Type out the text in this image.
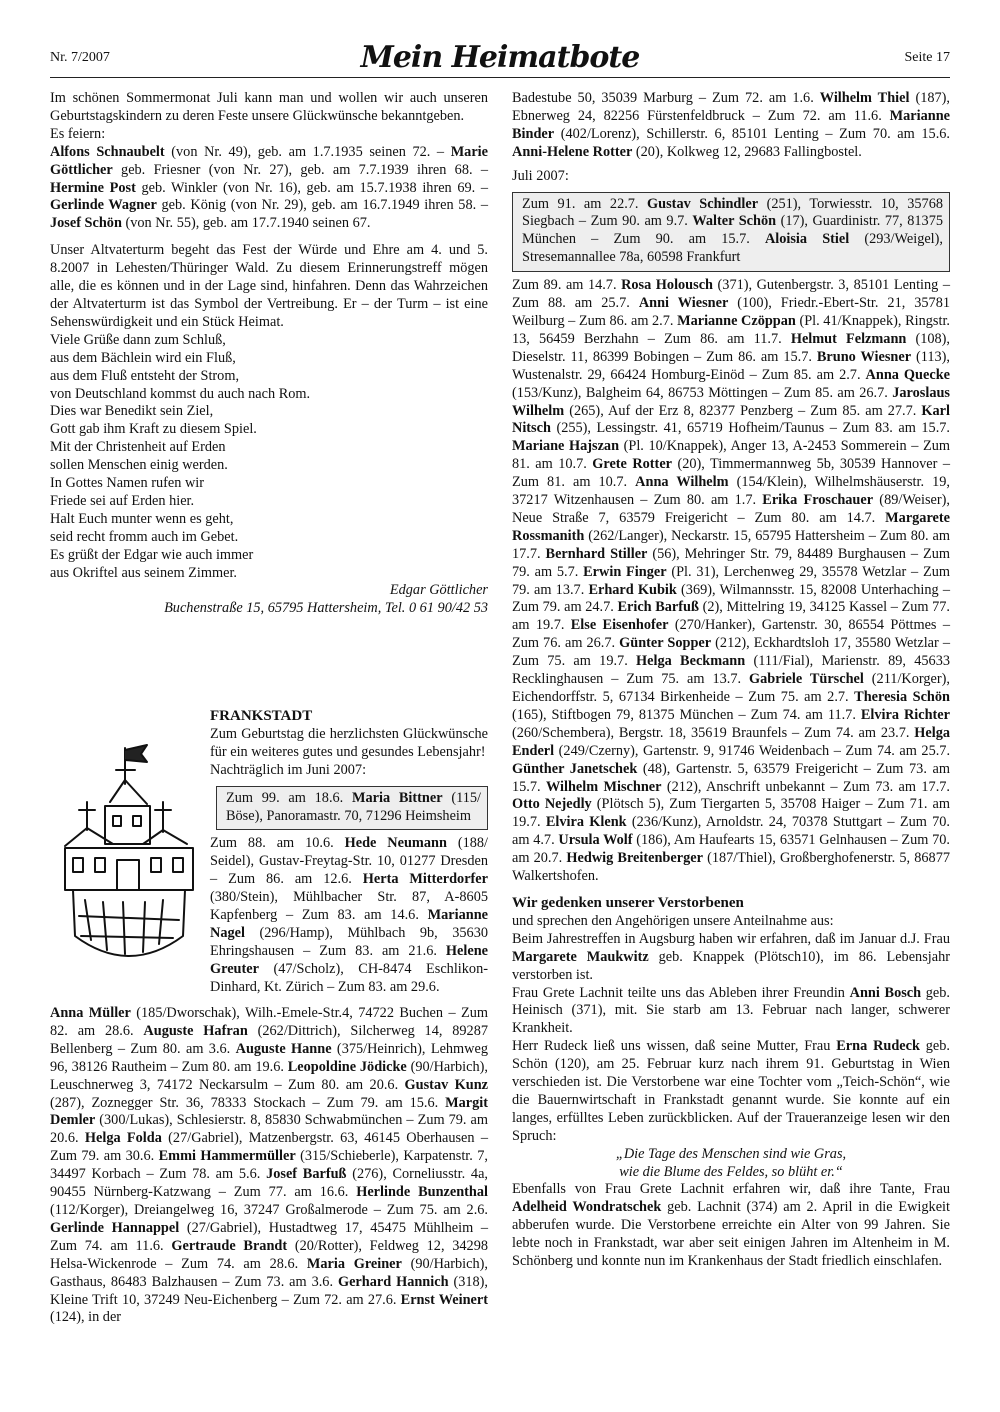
Nr. 7/2007	Mein Heimatbote	Seite 17

Im schönen Sommermonat Juli kann man und wollen wir auch unseren Geburtstagskindern zu deren Feste unsere Glückwünsche bekanntgeben.

Es feiern:

Alfons Schnaubelt (von Nr. 49), geb. am 1.7.1935 seinen 72. – Marie Göttlicher geb. Friesner (von Nr. 27), geb. am 7.7.1939 ihren 68. – Hermine Post geb. Winkler (von Nr. 16), geb. am 15.7.1938 ihren 69. – Gerlinde Wagner geb. König (von Nr. 29), geb. am 16.7.1949 ihren 58. – Josef Schön (von Nr. 55), geb. am 17.7.1940 seinen 67.

Unser Altvaterturm begeht das Fest der Würde und Ehre am 4. und 5. 8.2007 in Lehesten/Thüringer Wald. Zu diesem Erinnerungstreff mögen alle, die es können und in der Lage sind, hinfahren. Denn das Wahrzeichen der Altvaterturm ist das Symbol der Vertreibung. Er – der Turm – ist eine Sehenswürdigkeit und ein Stück Heimat.

Viele Grüße dann zum Schluß,

aus dem Bächlein wird ein Fluß,

aus dem Fluß entsteht der Strom,

von Deutschland kommst du auch nach Rom.

Dies war Benedikt sein Ziel,

Gott gab ihm Kraft zu diesem Spiel.

Mit der Christenheit auf Erden

sollen Menschen einig werden.

In Gottes Namen rufen wir

Friede sei auf Erden hier.

Halt Euch munter wenn es geht,

seid recht fromm auch im Gebet.

Es grüßt der Edgar wie auch immer

aus Okriftel aus seinem Zimmer.

Edgar Göttlicher

Buchenstraße 15, 65795 Hattersheim, Tel. 0 61 90/42 53

FRANKSTADT

Zum Geburtstag die herzlichsten Glückwünsche für ein weiteres gutes und gesundes Lebensjahr!

Nachträglich im Juni 2007:

Zum 99. am 18.6. Maria Bittner (115/ Böse), Panoramastr. 70, 71296 Heimsheim

Zum 88. am 10.6. Hede Neumann (188/ Seidel), Gustav-Freytag-Str. 10, 01277 Dresden – Zum 86. am 12.6. Herta Mitterdorfer (380/Stein), Mühlbacher Str. 87, A-8605 Kapfenberg – Zum 83. am 14.6. Marianne Nagel (296/Hamp), Mühlbach 9b, 35630 Ehringshausen – Zum 83. am 21.6. Helene Greuter (47/Scholz), CH-8474 Eschlikon-Dinhard, Kt. Zürich – Zum 83. am 29.6.

Anna Müller (185/Dworschak), Wilh.-Emele-Str.4, 74722 Buchen – Zum 82. am 28.6. Auguste Hafran (262/Dittrich), Silcherweg 14, 89287 Bellenberg – Zum 80. am 3.6. Auguste Hanne (375/Heinrich), Lehmweg 96, 38126 Rautheim – Zum 80. am 19.6. Leopoldine Jödicke (90/Harbich), Leuschnerweg 3, 74172 Neckarsulm – Zum 80. am 20.6. Gustav Kunz (287), Zoznegger Str. 36, 78333 Stockach – Zum 79. am 15.6. Margit Demler (300/Lukas), Schlesierstr. 8, 85830 Schwabmünchen – Zum 79. am 20.6. Helga Folda (27/Gabriel), Matzenbergstr. 63, 46145 Oberhausen – Zum 79. am 30.6. Emmi Hammermüller (315/Schieberle), Karpatenstr. 7, 34497 Korbach – Zum 78. am 5.6. Josef Barfuß (276), Corneliusstr. 4a, 90455 Nürnberg-Katzwang – Zum 77. am 16.6. Herlinde Bunzenthal (112/Korger), Dreiangelweg 16, 37247 Großalmerode – Zum 75. am 2.6. Gerlinde Hannappel (27/Gabriel), Hustadtweg 17, 45475 Mühlheim – Zum 74. am 11.6. Gertraude Brandt (20/Rotter), Feldweg 12, 34298 Helsa-Wickenrode – Zum 74. am 28.6. Maria Greiner (90/Harbich), Gasthaus, 86483 Balzhausen – Zum 73. am 3.6. Gerhard Hannich (318), Kleine Trift 10, 37249 Neu-Eichenberg – Zum 72. am 27.6. Ernst Weinert (124), in der

Badestube 50, 35039 Marburg – Zum 72. am 1.6. Wilhelm Thiel (187), Ebnerweg 24, 82256 Fürstenfeldbruck – Zum 72. am 11.6. Marianne Binder (402/Lorenz), Schillerstr. 6, 85101 Lenting – Zum 70. am 15.6. Anni-Helene Rotter (20), Kolkweg 12, 29683 Fallingbostel.

Juli 2007:

Zum 91. am 22.7. Gustav Schindler (251), Torwiesstr. 10, 35768 Siegbach – Zum 90. am 9.7. Walter Schön (17), Guardinistr. 77, 81375 München – Zum 90. am 15.7. Aloisia Stiel (293/Weigel), Stresemannallee 78a, 60598 Frankfurt

Zum 89. am 14.7. Rosa Holousch (371), Gutenbergstr. 3, 85101 Lenting – Zum 88. am 25.7. Anni Wiesner (100), Friedr.-Ebert-Str. 21, 35781 Weilburg – Zum 86. am 2.7. Marianne Czöppan (Pl. 41/Knappek), Ringstr. 13, 56459 Berzhahn – Zum 86. am 11.7. Helmut Felzmann (108), Dieselstr. 11, 86399 Bobingen – Zum 86. am 15.7. Bruno Wiesner (113), Wustenalstr. 29, 66424 Homburg-Einöd – Zum 85. am 2.7. Anna Quecke (153/Kunz), Balgheim 64, 86753 Möttingen – Zum 85. am 26.7. Jaroslaus Wilhelm (265), Auf der Erz 8, 82377 Penzberg – Zum 85. am 27.7. Karl Nitsch (255), Lessingstr. 41, 65719 Hofheim/Taunus – Zum 83. am 15.7. Mariane Hajszan (Pl. 10/Knappek), Anger 13, A-2453 Sommerein – Zum 81. am 10.7. Grete Rotter (20), Timmermannweg 5b, 30539 Hannover – Zum 81. am 10.7. Anna Wilhelm (154/Klein), Wilhelmshäuserstr. 19, 37217 Witzenhausen – Zum 80. am 1.7. Erika Froschauer (89/Weiser), Neue Straße 7, 63579 Freigericht – Zum 80. am 14.7. Margarete Rossmanith (262/Langer), Neckarstr. 15, 65795 Hattersheim – Zum 80. am 17.7. Bernhard Stiller (56), Mehringer Str. 79, 84489 Burghausen – Zum 79. am 5.7. Erwin Finger (Pl. 31), Lerchenweg 29, 35578 Wetzlar – Zum 79. am 13.7. Erhard Kubik (369), Wilmannsstr. 15, 82008 Unterhaching – Zum 79. am 24.7. Erich Barfuß (2), Mittelring 19, 34125 Kassel – Zum 77. am 19.7. Else Eisenhofer (270/Hanker), Gartenstr. 30, 86554 Pöttmes – Zum 76. am 26.7. Günter Sopper (212), Eckhardtsloh 17, 35580 Wetzlar – Zum 75. am 19.7. Helga Beckmann (111/Fial), Marienstr. 89, 45633 Recklinghausen – Zum 75. am 13.7. Gabriele Türschel (211/Korger), Eichendorffstr. 5, 67134 Birkenheide – Zum 75. am 2.7. Theresia Schön (165), Stiftbogen 79, 81375 München – Zum 74. am 11.7. Elvira Richter (260/Schembera), Bergstr. 18, 35619 Braunfels – Zum 74. am 23.7. Helga Enderl (249/Czerny), Gartenstr. 9, 91746 Weidenbach – Zum 74. am 25.7. Günther Janetschek (48), Gartenstr. 5, 63579 Freigericht – Zum 73. am 15.7. Wilhelm Mischner (212), Anschrift unbekannt – Zum 73. am 17.7. Otto Nejedly (Plötsch 5), Zum Tiergarten 5, 35708 Haiger – Zum 71. am 19.7. Elvira Klenk (236/Kunz), Arnoldstr. 24, 70378 Stuttgart – Zum 70. am 4.7. Ursula Wolf (186), Am Haufearts 15, 63571 Gelnhausen – Zum 70. am 20.7. Hedwig Breitenberger (187/Thiel), Großberghofenerstr. 5, 86877 Walkertshofen.

Wir gedenken unserer Verstorbenen

und sprechen den Angehörigen unsere Anteilnahme aus:

Beim Jahrestreffen in Augsburg haben wir erfahren, daß im Januar d.J. Frau Margarete Maukwitz geb. Knappek (Plötsch10), im 86. Lebensjahr verstorben ist.

Frau Grete Lachnit teilte uns das Ableben ihrer Freundin Anni Bosch geb. Heinisch (371), mit. Sie starb am 13. Februar nach langer, schwerer Krankheit.

Herr Rudeck ließ uns wissen, daß seine Mutter, Frau Erna Rudeck geb. Schön (120), am 25. Februar kurz nach ihrem 91. Geburtstag in Wien verschieden ist. Die Verstorbene war eine Tochter vom „Teich-Schön“, wie die Bauernwirtschaft in Frankstadt genannt wurde. Sie konnte auf ein langes, erfülltes Leben zurückblicken. Auf der Traueranzeige lesen wir den Spruch:

„Die Tage des Menschen sind wie Gras,

wie die Blume des Feldes, so blüht er.“

Ebenfalls von Frau Grete Lachnit erfahren wir, daß ihre Tante, Frau Adelheid Wondratschek geb. Lachnit (374) am 2. April in die Ewigkeit abberufen wurde. Die Verstorbene erreichte ein Alter von 99 Jahren. Sie lebte noch in Frankstadt, war aber seit einigen Jahren im Altenheim in M. Schönberg und konnte nun im Krankenhaus der Stadt friedlich einschlafen.
